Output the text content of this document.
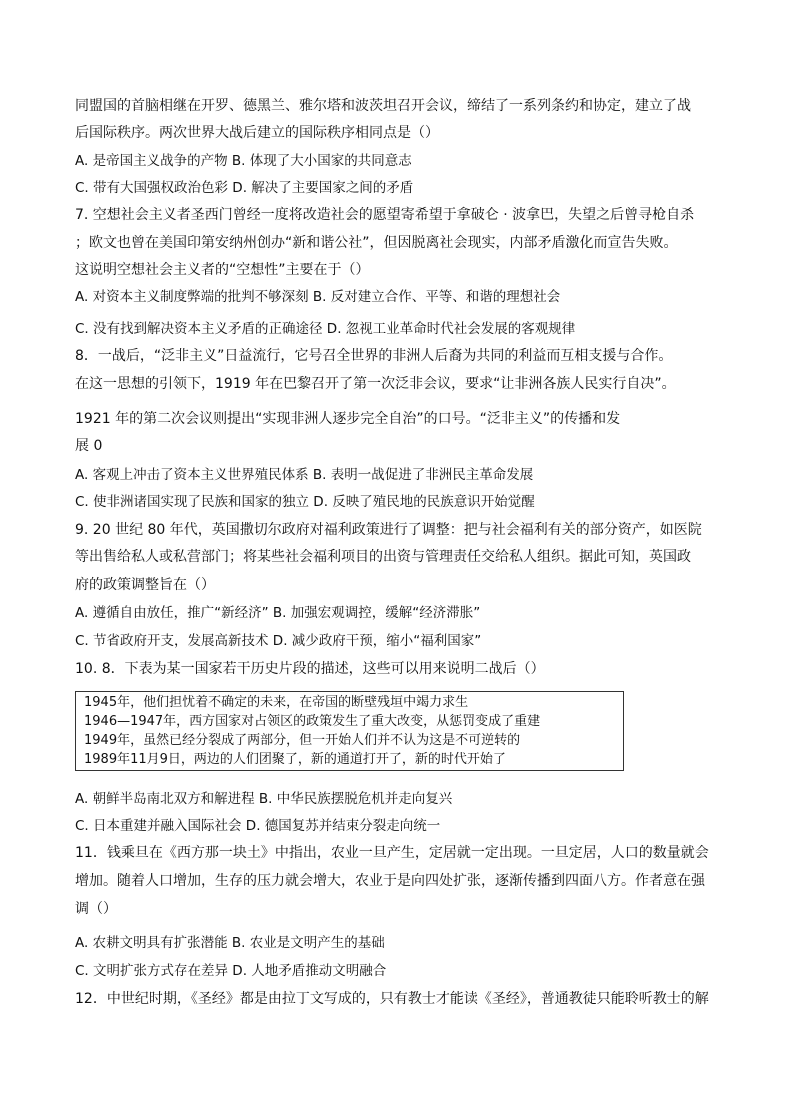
同盟国的首脑相继在开罗、德黑兰、雅尔塔和波茨坦召开会议，缔结了一系列条约和协定，建立了战
后国际秩序。两次世界大战后建立的国际秩序相同点是（）
A. 是帝国主义战争的产物 B. 体现了大小国家的共同意志
C. 带有大国强权政治色彩 D. 解决了主要国家之间的矛盾
7. 空想社会主义者圣西门曾经一度将改造社会的愿望寄希望于拿破仑 · 波拿巴，失望之后曾寻枪自杀
；欧文也曾在美国印第安纳州创办“新和谐公社”，但因脱离社会现实，内部矛盾激化而宣告失败。
这说明空想社会主义者的“空想性”主要在于（）
A. 对资本主义制度弊端的批判不够深刻 B. 反对建立合作、平等、和谐的理想社会
C. 没有找到解决资本主义矛盾的正确途径 D. 忽视工业革命时代社会发展的客观规律
8．一战后，“泛非主义”日益流行，它号召全世界的非洲人后裔为共同的利益而互相支援与合作。
在这一思想的引领下，1919 年在巴黎召开了第一次泛非会议，要求“让非洲各族人民实行自决”。
1921 年的第二次会议则提出“实现非洲人逐步完全自治”的口号。“泛非主义”的传播和发
展 0
A. 客观上冲击了资本主义世界殖民体系 B. 表明一战促进了非洲民主革命发展
C. 使非洲诸国实现了民族和国家的独立 D. 反映了殖民地的民族意识开始觉醒
9. 20 世纪 80 年代，英国撒切尔政府对福利政策进行了调整：把与社会福利有关的部分资产，如医院
等出售给私人或私营部门；将某些社会福利项目的出资与管理责任交给私人组织。据此可知，英国政
府的政策调整旨在（）
A. 遵循自由放任，推广“新经济” B. 加强宏观调控，缓解“经济滞胀”
C. 节省政府开支，发展高新技术 D. 减少政府干预，缩小“福利国家”
10. 8．下表为某一国家若干历史片段的描述，这些可以用来说明二战后（）
1945年，他们担忧着不确定的未来，在帝国的断壁残垣中竭力求生
1946—1947年，西方国家对占领区的政策发生了重大改变，从惩罚变成了重建
1949年，虽然已经分裂成了两部分，但一开始人们并不认为这是不可逆转的
1989年11月9日，两边的人们团聚了，新的通道打开了，新的时代开始了
A. 朝鲜半岛南北双方和解进程 B. 中华民族摆脱危机并走向复兴
C. 日本重建并融入国际社会 D. 德国复苏并结束分裂走向统一
11．钱乘旦在《西方那一块土》中指出，农业一旦产生，定居就一定出现。一旦定居，人口的数量就会
增加。随着人口增加，生存的压力就会增大，农业于是向四处扩张，逐渐传播到四面八方。作者意在强
调（）
A. 农耕文明具有扩张潜能 B. 农业是文明产生的基础
C. 文明扩张方式存在差异 D. 人地矛盾推动文明融合
12．中世纪时期，《圣经》都是由拉丁文写成的，只有教士才能读《圣经》，普通教徒只能聆听教士的解
